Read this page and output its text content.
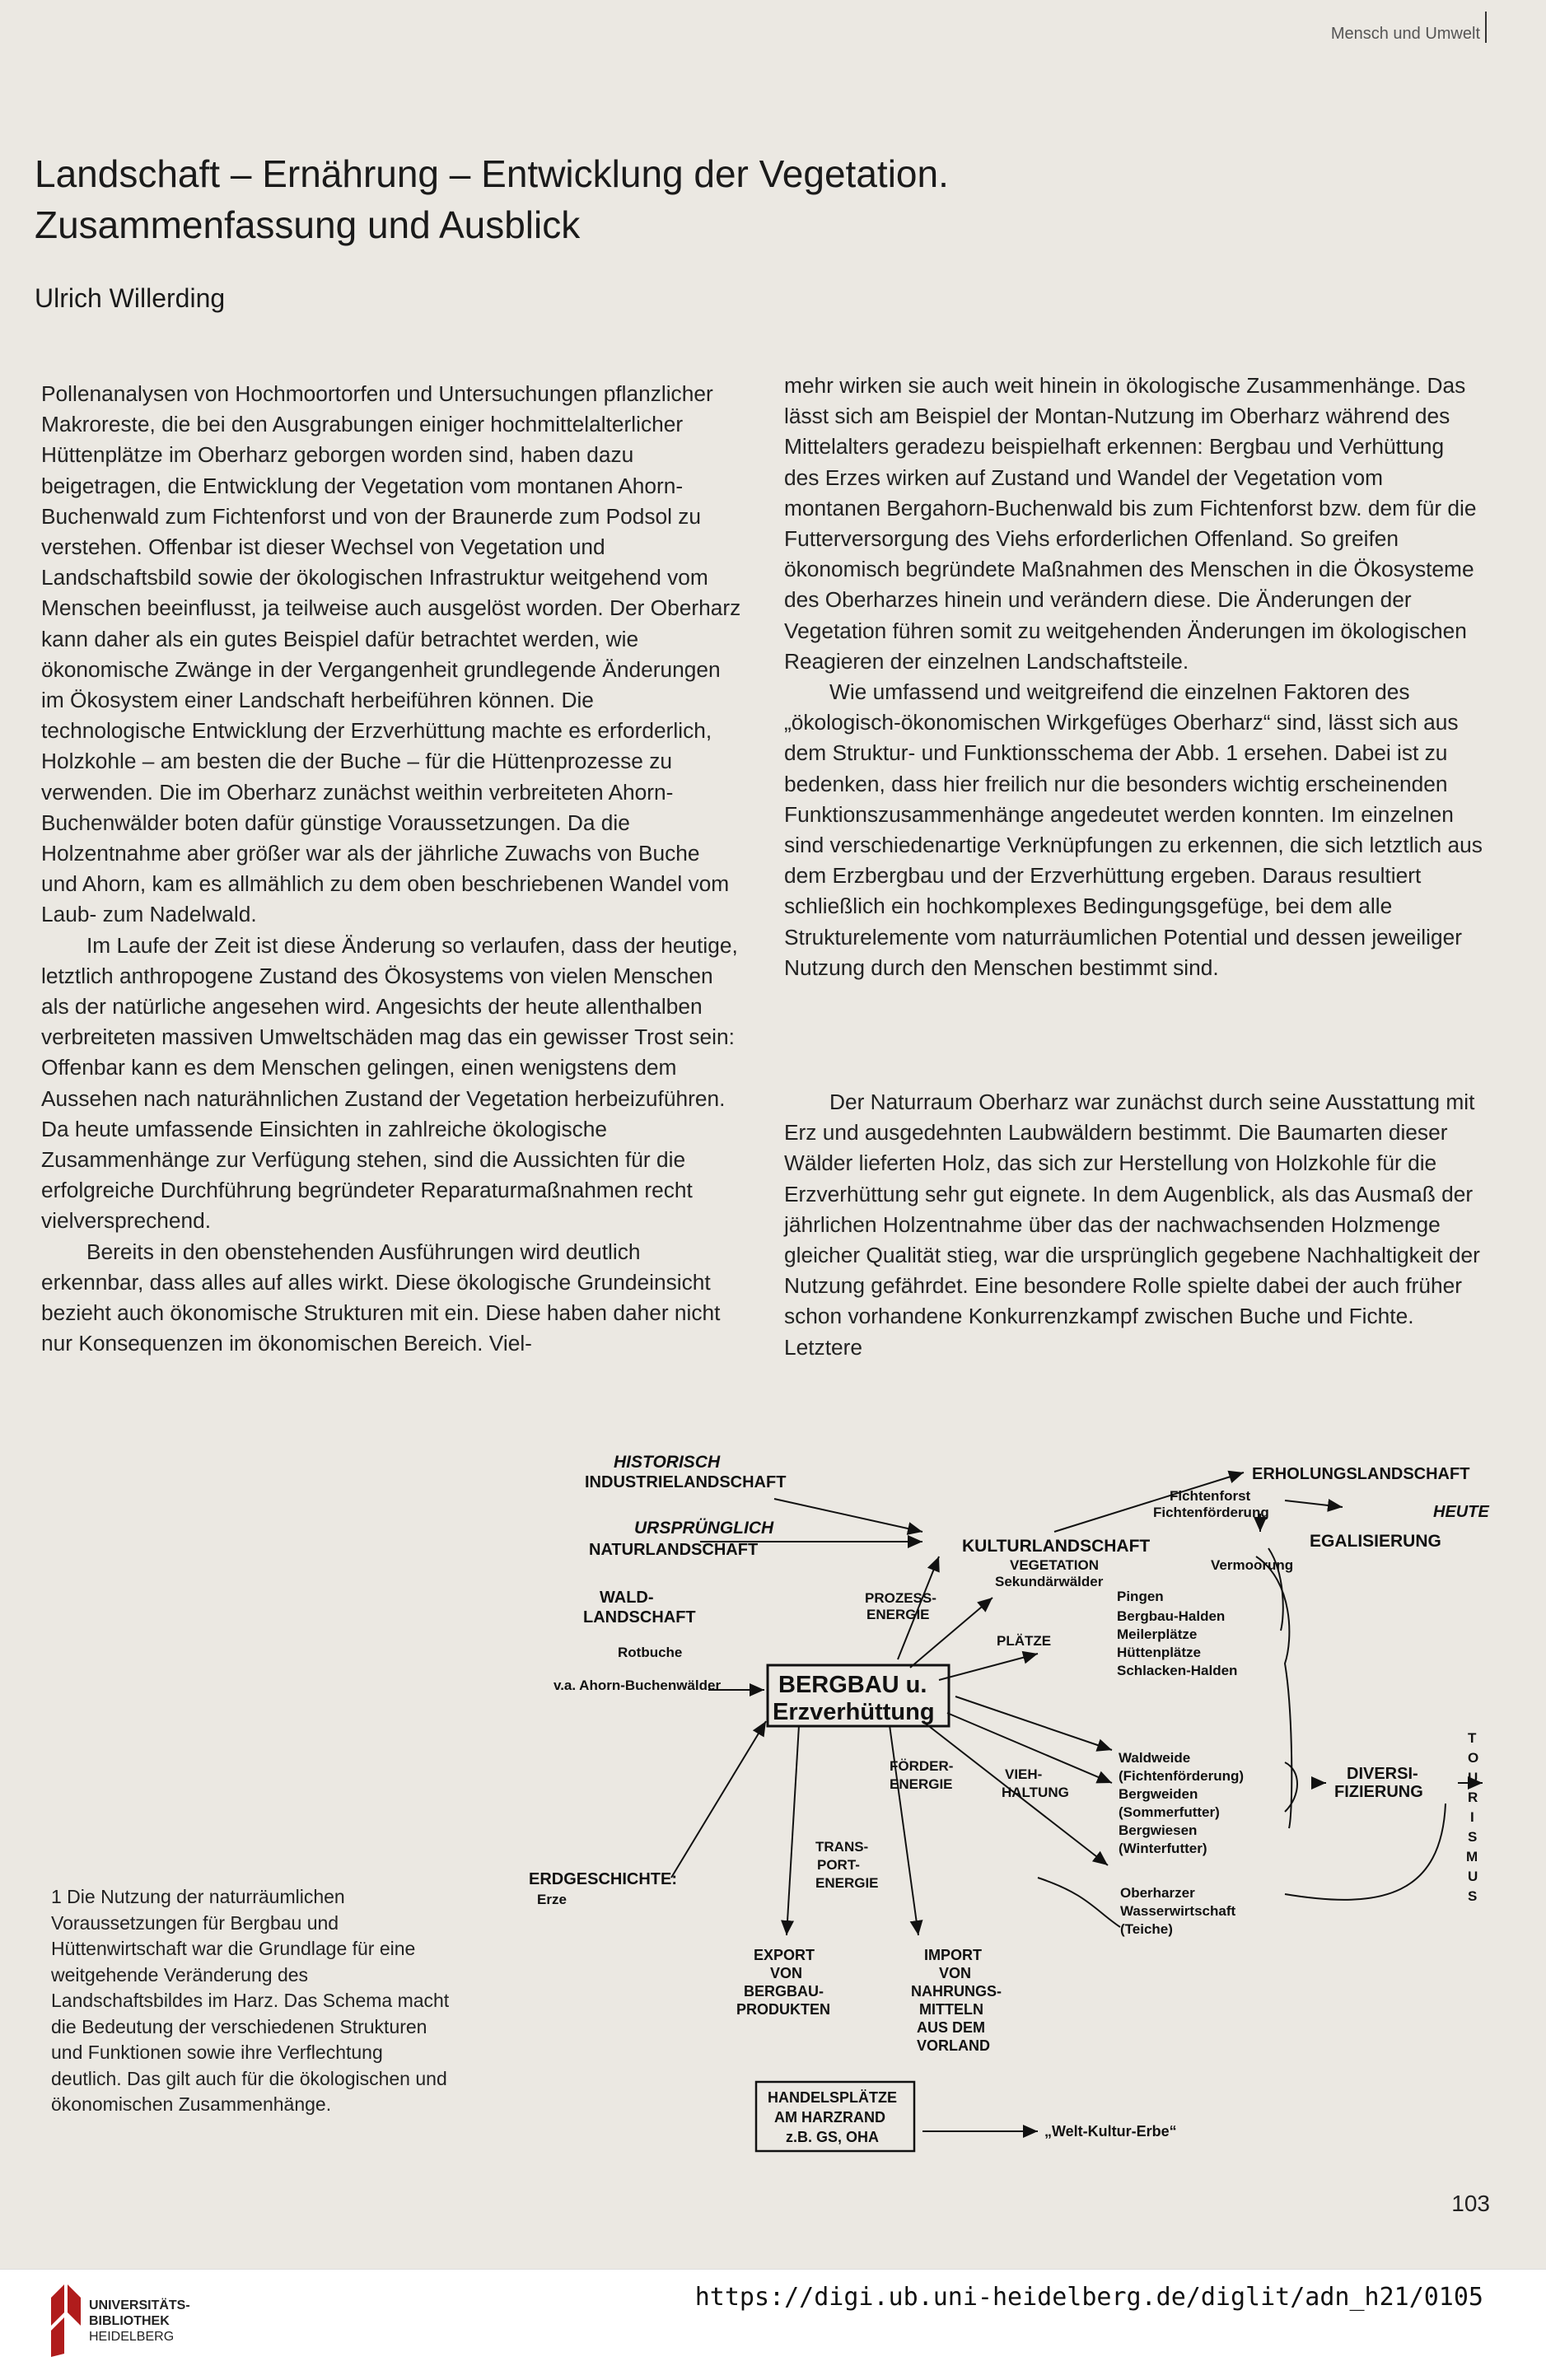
Mensch und Umwelt
Landschaft – Ernährung – Entwicklung der Vegetation.
Zusammenfassung und Ausblick
Ulrich Willerding

Pollenanalysen von Hochmoortorfen und Untersuchungen pflanzlicher Makroreste, die bei den Ausgrabungen einiger hochmittelalterlicher Hüttenplätze im Oberharz geborgen worden sind, haben dazu beigetragen, die Entwicklung der Vegetation vom montanen Ahorn-Buchenwald zum Fichtenforst und von der Braunerde zum Podsol zu verstehen. Offenbar ist dieser Wechsel von Vegetation und Landschaftsbild sowie der ökologischen Infrastruktur weitgehend vom Menschen beeinflusst, ja teilweise auch ausgelöst worden. Der Oberharz kann daher als ein gutes Beispiel dafür betrachtet werden, wie ökonomische Zwänge in der Vergangenheit grundlegende Änderungen im Ökosystem einer Landschaft herbeiführen können. Die technologische Entwicklung der Erzverhüttung machte es erforderlich, Holzkohle – am besten die der Buche – für die Hüttenprozesse zu verwenden. Die im Oberharz zunächst weithin verbreiteten Ahorn-Buchenwälder boten dafür günstige Voraussetzungen. Da die Holzentnahme aber größer war als der jährliche Zuwachs von Buche und Ahorn, kam es allmählich zu dem oben beschriebenen Wandel vom Laub- zum Nadelwald.

Im Laufe der Zeit ist diese Änderung so verlaufen, dass der heutige, letztlich anthropogene Zustand des Ökosystems von vielen Menschen als der natürliche angesehen wird. Angesichts der heute allenthalben verbreiteten massiven Umweltschäden mag das ein gewisser Trost sein: Offenbar kann es dem Menschen gelingen, einen wenigstens dem Aussehen nach naturähnlichen Zustand der Vegetation herbeizuführen. Da heute umfassende Einsichten in zahlreiche ökologische Zusammenhänge zur Verfügung stehen, sind die Aussichten für die erfolgreiche Durchführung begründeter Reparaturmaßnahmen recht vielversprechend.

Bereits in den obenstehenden Ausführungen wird deutlich erkennbar, dass alles auf alles wirkt. Diese ökologische Grundeinsicht bezieht auch ökonomische Strukturen mit ein. Diese haben daher nicht nur Konsequenzen im ökonomischen Bereich. Viel-

mehr wirken sie auch weit hinein in ökologische Zusammenhänge. Das lässt sich am Beispiel der Montan-Nutzung im Oberharz während des Mittelalters geradezu beispielhaft erkennen: Bergbau und Verhüttung des Erzes wirken auf Zustand und Wandel der Vegetation vom montanen Bergahorn-Buchenwald bis zum Fichtenforst bzw. dem für die Futterversorgung des Viehs erforderlichen Offenland. So greifen ökonomisch begründete Maßnahmen des Menschen in die Ökosysteme des Oberharzes hinein und verändern diese. Die Änderungen der Vegetation führen somit zu weitgehenden Änderungen im ökologischen Reagieren der einzelnen Landschaftsteile.

Wie umfassend und weitgreifend die einzelnen Faktoren des „ökologisch-ökonomischen Wirkgefüges Oberharz“ sind, lässt sich aus dem Struktur- und Funktionsschema der Abb. 1 ersehen. Dabei ist zu bedenken, dass hier freilich nur die besonders wichtig erscheinenden Funktionszusammenhänge angedeutet werden konnten. Im einzelnen sind verschiedenartige Verknüpfungen zu erkennen, die sich letztlich aus dem Erzbergbau und der Erzverhüttung ergeben. Daraus resultiert schließlich ein hochkomplexes Bedingungsgefüge, bei dem alle Strukturelemente vom naturräumlichen Potential und dessen jeweiliger Nutzung durch den Menschen bestimmt sind.

Der Naturraum Oberharz war zunächst durch seine Ausstattung mit Erz und ausgedehnten Laubwäldern bestimmt. Die Baumarten dieser Wälder lieferten Holz, das sich zur Herstellung von Holzkohle für die Erzverhüttung sehr gut eignete. In dem Augenblick, als das Ausmaß der jährlichen Holzentnahme über das der nachwachsenden Holzmenge gleicher Qualität stieg, war die ursprünglich gegebene Nachhaltigkeit der Nutzung gefährdet. Eine besondere Rolle spielte dabei der auch früher schon vorhandene Konkurrenzkampf zwischen Buche und Fichte. Letztere

HISTORISCH
INDUSTRIELANDSCHAFT	ERHOLUNGSLANDSCHAFT
Fichtenforst
Fichtenförderung	HEUTE
URSPRÜNGLICH
NATURLANDSCHAFT	KULTURLANDSCHAFT	EGALISIERUNG
VEGETATION
Sekundärwälder
Vermoorung
WALD-
LANDSCHAFT
PROZESS-
ENERGIE
Pingen
Bergbau-Halden
PLÄTZE	Meilerplätze
Hüttenplätze
Schlacken-Halden
Rotbuche
v.a. Ahorn-Buchenwälder BERGBAU u.
Erzverhüttung
VIEH-
HALTUNG
FÖRDER-
ENERGIE
Waldweide
(Fichtenförderung)
Bergweiden
(Sommerfutter)
Bergwiesen
(Winterfutter)
DIVERSI-
FIZIERUNG
T
O
U
R
I
S
M
U
S
ERDGESCHICHTE:
Erze
TRANS-
PORT-
ENERGIE
Oberharzer
Wasserwirtschaft
(Teiche)
EXPORT
VON
BERGBAU-
PRODUKTEN
IMPORT
VON
NAHRUNGS-
MITTELN
AUS DEM
VORLAND
HANDELSPLÄTZE
AM HARZRAND
z.B. GS, OHA	„Welt-Kultur-Erbe“
1 Die Nutzung der naturräumlichen Voraussetzungen für Bergbau und Hüttenwirtschaft war die Grundlage für eine weitgehende Veränderung des Landschaftsbildes im Harz. Das Schema macht die Bedeutung der verschiedenen Strukturen und Funktionen sowie ihre Verflechtung deutlich. Das gilt auch für die ökologischen und ökonomischen Zusammenhänge.
103
UNIVERSITÄTS-
BIBLIOTHEK
HEIDELBERG
https://digi.ub.uni-heidelberg.de/diglit/adn_h21/0105
